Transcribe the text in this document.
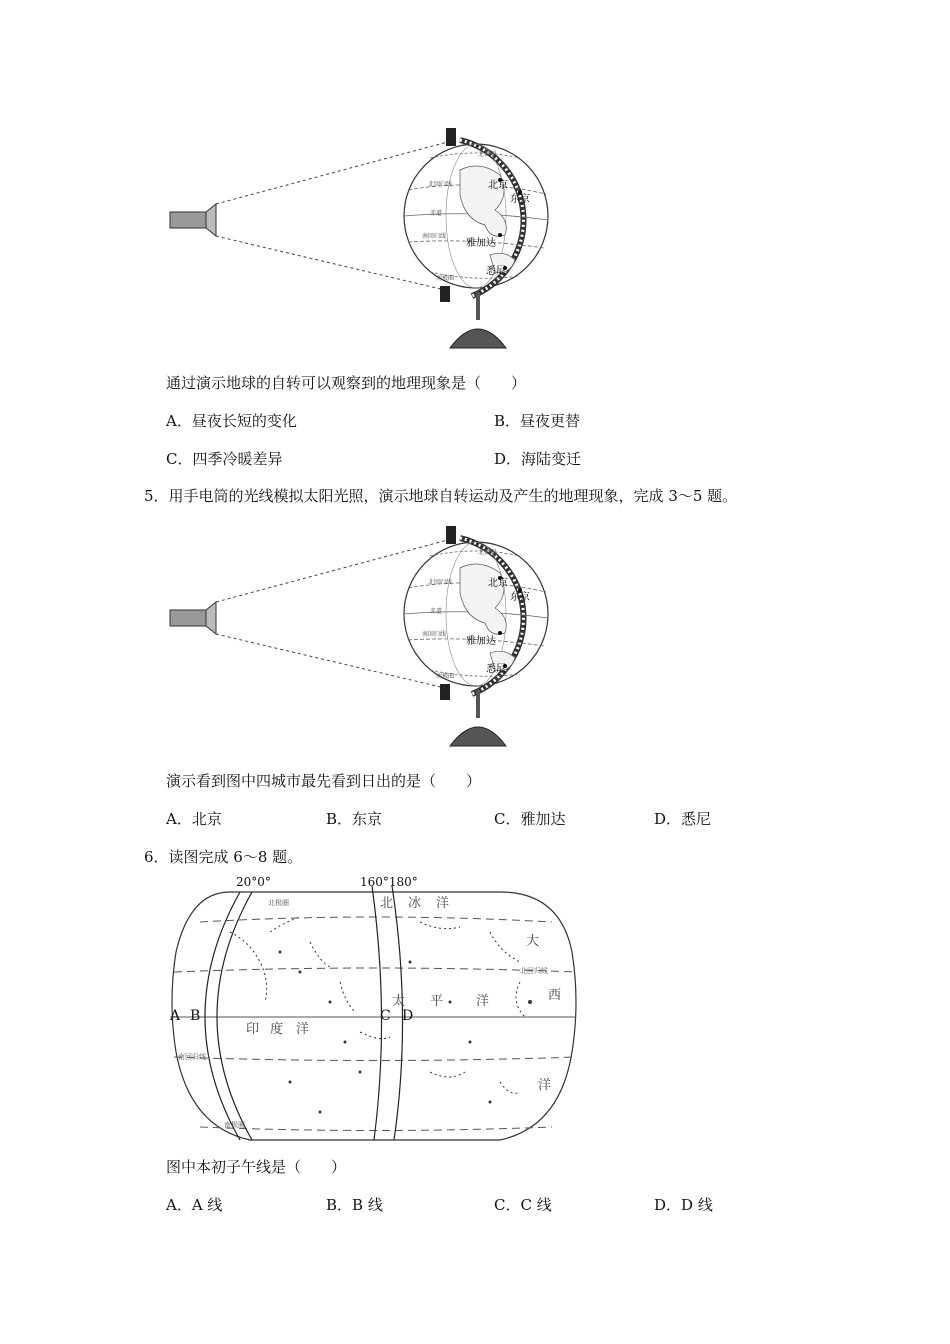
北京
东京
雅加达
悉尼
北回归线
赤道
南回归线
北极圈
南极圈
通过演示地球的自转可以观察到的地理现象是（　　）
A．昼夜长短的变化	B．昼夜更替
C．四季冷暖差异	D．海陆变迁
5．用手电筒的光线模拟太阳光照，演示地球自转运动及产生的地理现象，完成 3～5 题。
北京
东京
雅加达
悉尼
北回归线
赤道
南回归线
北极圈
南极圈
演示看到图中四城市最先看到日出的是（　　）
A．北京	B．东京	C．雅加达	D．悉尼
6．读图完成 6～8 题。
20°0°	160°180°
A B	C D
北 冰 洋
大
西
洋
太 平	洋
印 度 洋
北极圈
北回归线
南回归线
南极圈
图中本初子午线是（　　）
A．A 线	B．B 线	C．C 线	D．D 线
